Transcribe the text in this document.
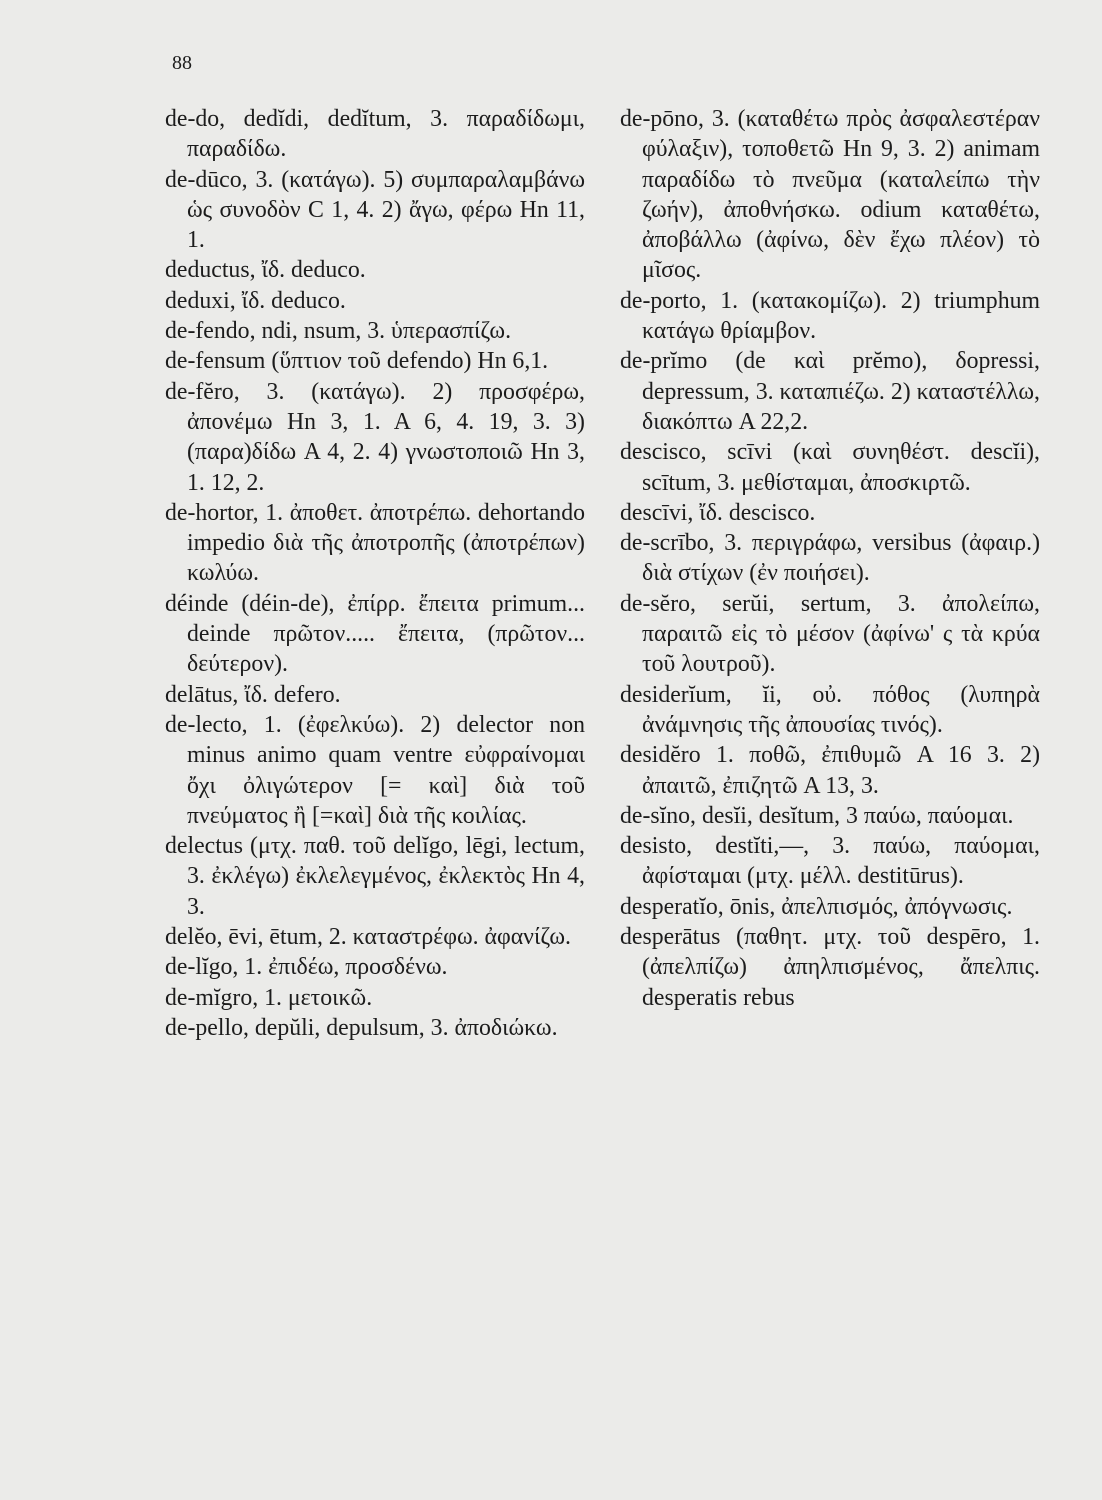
88

de-do, dedĭdi, dedĭtum, 3. παραδίδωμι, παραδίδω.

de-dūco, 3. (κατάγω). 5) συμπαραλαμβάνω ὡς συνοδὸν C 1, 4. 2) ἄγω, φέρω Hn 11, 1.

deductus, ἴδ. deduco.

deduxi, ἴδ. deduco.

de-fendo, ndi, nsum, 3. ὑπερασπίζω.

de-fensum (ὕπτιον τοῦ defendo) Hn 6,1.

de-fĕro, 3. (κατάγω). 2) προσφέρω, ἀπονέμω Hn 3, 1. A 6, 4. 19, 3. 3) (παρα)δίδω A 4, 2. 4) γνωστοποιῶ Hn 3, 1. 12, 2.

de-hortor, 1. ἀποθετ. ἀποτρέπω. dehortando impedio διὰ τῆς ἀποτροπῆς (ἀποτρέπων) κωλύω.

déinde (déin-de), ἐπίρρ. ἔπειτα primum... deinde πρῶτον..... ἔπειτα, (πρῶτον... δεύτερον).

delātus, ἴδ. defero.

de-lecto, 1. (ἐφελκύω). 2) delector non minus animo quam ventre εὐφραίνομαι ὄχι ὀλιγώτερον [= καὶ] διὰ τοῦ πνεύματος ἢ [=καὶ] διὰ τῆς κοιλίας.

delectus (μτχ. παθ. τοῦ delĭgo, lēgi, lectum, 3. ἐκλέγω) ἐκλελεγμένος, ἐκλεκτὸς Hn 4, 3.

delĕo, ēvi, ētum, 2. καταστρέφω. ἀφανίζω.

de-lĭgo, 1. ἐπιδέω, προσδένω.

de-mĭgro, 1. μετοικῶ.

de-pello, depŭli, depulsum, 3. ἀποδιώκω.

de-pōno, 3. (καταθέτω πρὸς ἀσφαλεστέραν φύλαξιν), τοποθετῶ Hn 9, 3. 2) animam παραδίδω τὸ πνεῦμα (καταλείπω τὴν ζωήν), ἀποθνήσκω. odium καταθέτω, ἀποβάλλω (ἀφίνω, δὲν ἔχω πλέον) τὸ μῖσος.

de-porto, 1. (κατακομίζω). 2) triumphum κατάγω θρίαμβον.

de-prĭmo (de καὶ prĕmo), δopressi, depressum, 3. καταπιέζω. 2) καταστέλλω, διακόπτω A 22,2.

descisco, scīvi (καὶ συνηθέστ. descĭi), scītum, 3. μεθίσταμαι, ἀποσκιρτῶ.

descīvi, ἴδ. descisco.

de-scrībo, 3. περιγράφω, versibus (ἀφαιρ.) διὰ στίχων (ἐν ποιήσει).

de-sĕro, serŭi, sertum, 3. ἀπολείπω, παραιτῶ εἰς τὸ μέσον (ἀφίνω' ς τὰ κρύα τοῦ λουτροῦ).

desiderĭum, ĭi, οὐ. πόθος (λυπηρὰ ἀνάμνησις τῆς ἀπουσίας τινός).

desidĕro 1. ποθῶ, ἐπιθυμῶ A 16 3. 2) ἀπαιτῶ, ἐπιζητῶ A 13, 3.

de-sĭno, desĭi, desĭtum, 3 παύω, παύομαι.

desisto, destĭti,—, 3. παύω, παύομαι, ἀφίσταμαι (μτχ. μέλλ. destitūrus).

desperatĭo, ōnis, ἀπελπισμός, ἀπόγνωσις.

desperātus (παθητ. μτχ. τοῦ despēro, 1. (ἀπελπίζω) ἀπηλπισμένος, ἄπελπις. desperatis rebus
